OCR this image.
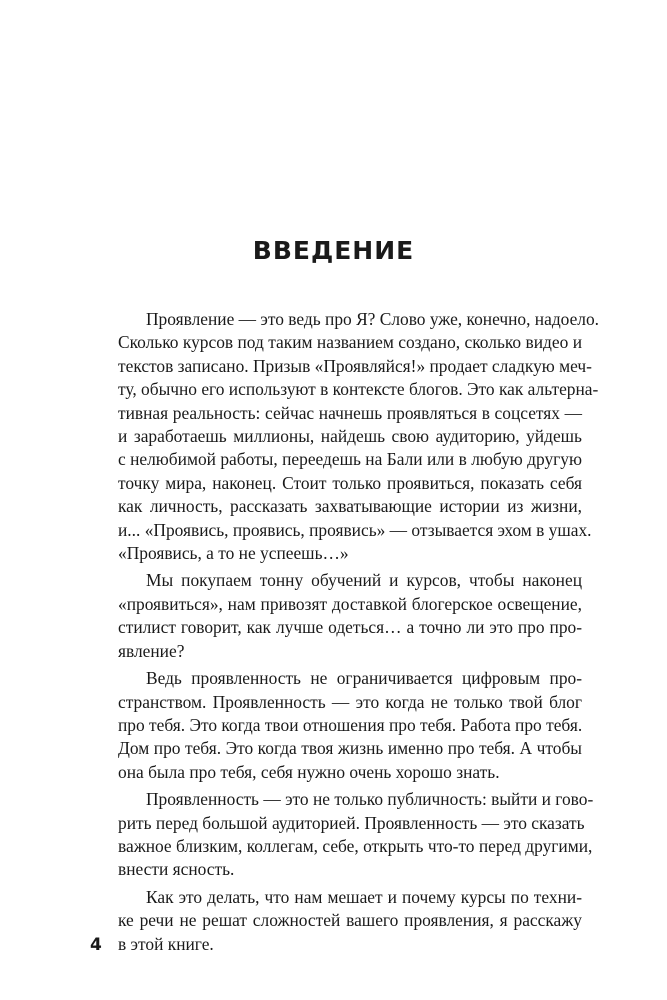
ВВЕДЕНИЕ

Проявление — это ведь про Я? Слово уже, конечно, надоело.
Сколько курсов под таким названием создано, сколько видео и
текстов записано. Призыв «Проявляйся!» продает сладкую меч-
ту, обычно его используют в контексте блогов. Это как альтерна-
тивная реальность: сейчас начнешь проявляться в соцсетях —
и заработаешь миллионы, найдешь свою аудиторию, уйдешь
с нелюбимой работы, переедешь на Бали или в любую другую
точку мира, наконец. Стоит только проявиться, показать себя
как личность, рассказать захватывающие истории из жизни,
и... «Проявись, проявись, проявись» — отзывается эхом в ушах.
«Проявись, а то не успеешь…»

Мы покупаем тонну обучений и курсов, чтобы наконец
«проявиться», нам привозят доставкой блогерское освещение,
стилист говорит, как лучше одеться… а точно ли это про про-
явление?

Ведь проявленность не ограничивается цифровым про-
странством. Проявленность — это когда не только твой блог
про тебя. Это когда твои отношения про тебя. Работа про тебя.
Дом про тебя. Это когда твоя жизнь именно про тебя. А чтобы
она была про тебя, себя нужно очень хорошо знать.

Проявленность — это не только публичность: выйти и гово-
рить перед большой аудиторией. Проявленность — это сказать
важное близким, коллегам, себе, открыть что-то перед другими,
внести ясность.

Как это делать, что нам мешает и почему курсы по техни-
ке речи не решат сложностей вашего проявления, я расскажу
в этой книге.

4
